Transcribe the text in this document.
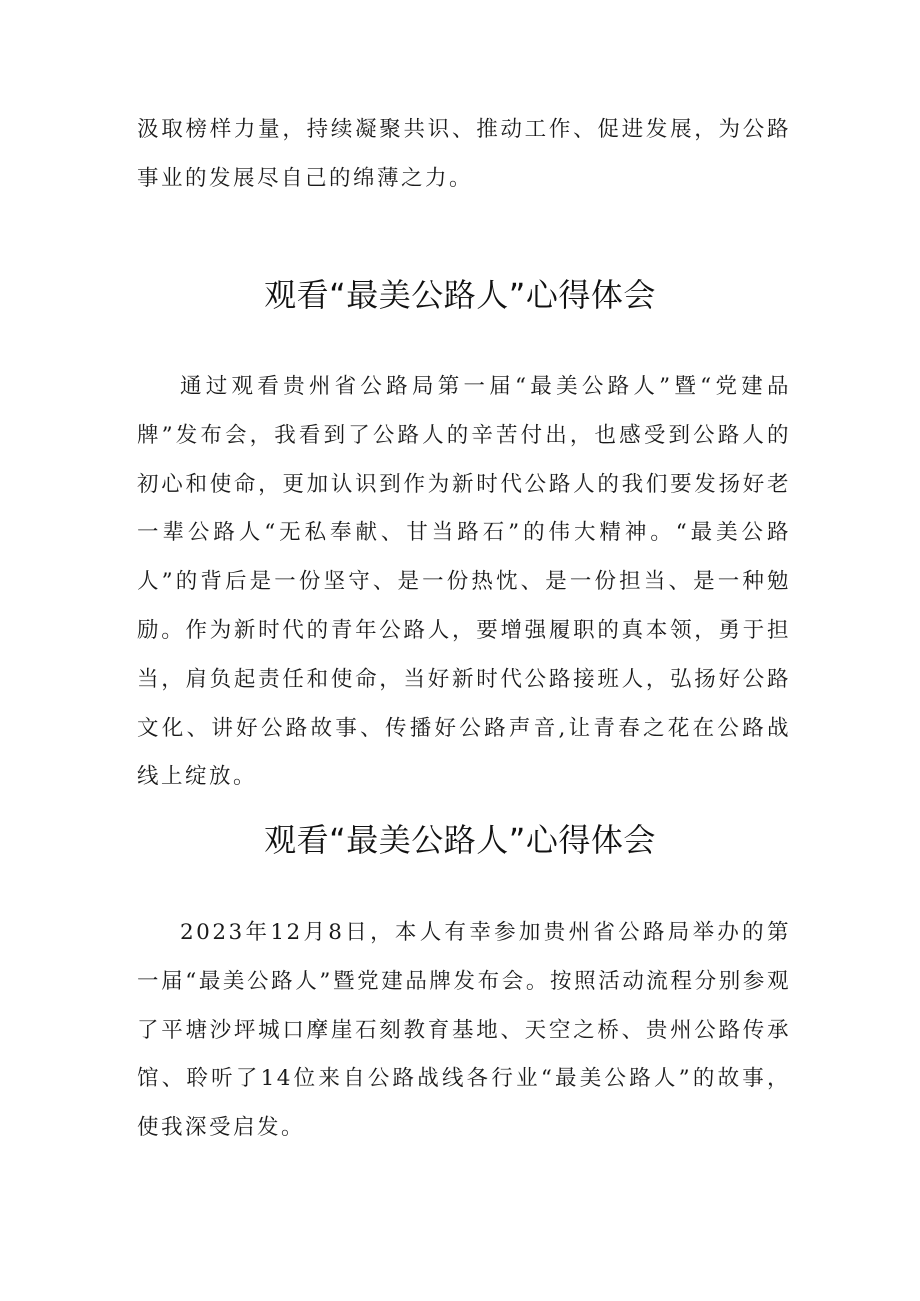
汲取榜样力量，持续凝聚共识、推动工作、促进发展，为公路事业的发展尽自己的绵薄之力。

观看“最美公路人”心得体会

通过观看贵州省公路局第一届“最美公路人”暨“党建品牌”发布会，我看到了公路人的辛苦付出，也感受到公路人的初心和使命，更加认识到作为新时代公路人的我们要发扬好老一辈公路人“无私奉献、甘当路石”的伟大精神。“最美公路人”的背后是一份坚守、是一份热忱、是一份担当、是一种勉励。作为新时代的青年公路人，要增强履职的真本领，勇于担当，肩负起责任和使命，当好新时代公路接班人，弘扬好公路文化、讲好公路故事、传播好公路声音,让青春之花在公路战线上绽放。

观看“最美公路人”心得体会

2023年12月8日，本人有幸参加贵州省公路局举办的第一届“最美公路人”暨党建品牌发布会。按照活动流程分别参观了平塘沙坪城口摩崖石刻教育基地、天空之桥、贵州公路传承馆、聆听了14位来自公路战线各行业“最美公路人”的故事，使我深受启发。
